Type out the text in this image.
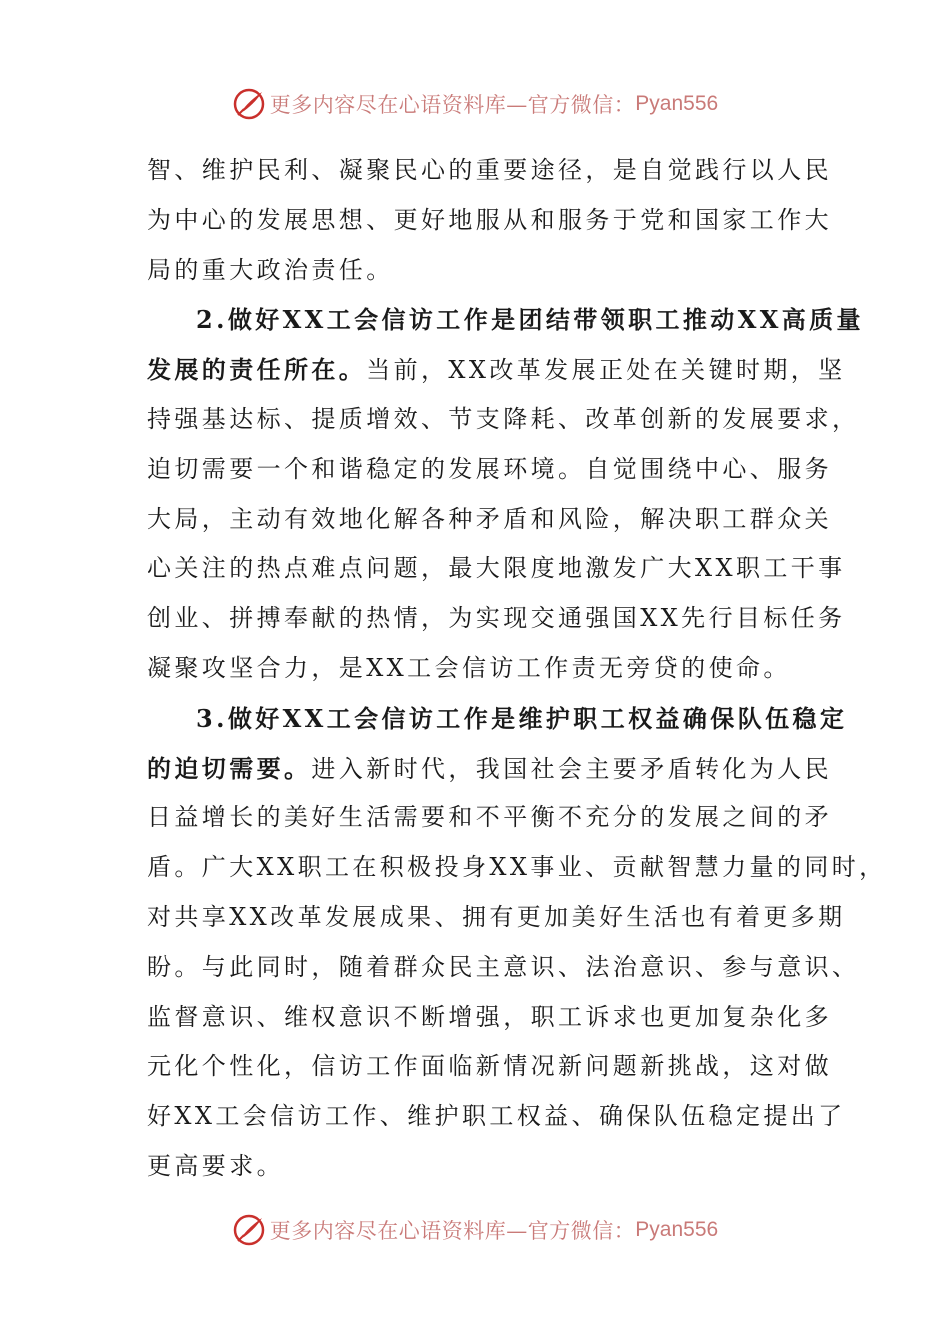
更多内容尽在心语资料库—官方微信： Pyan556
智、维护民利、凝聚民心的重要途径，是自觉践行以人民
为中心的发展思想、更好地服从和服务于党和国家工作大
局的重大政治责任。
2.做好XX工会信访工作是团结带领职工推动XX高质量
发展的责任所在。当前，XX改革发展正处在关键时期，坚
持强基达标、提质增效、节支降耗、改革创新的发展要求，
迫切需要一个和谐稳定的发展环境。自觉围绕中心、服务
大局，主动有效地化解各种矛盾和风险，解决职工群众关
心关注的热点难点问题，最大限度地激发广大XX职工干事
创业、拼搏奉献的热情，为实现交通强国XX先行目标任务
凝聚攻坚合力，是XX工会信访工作责无旁贷的使命。
3.做好XX工会信访工作是维护职工权益确保队伍稳定
的迫切需要。进入新时代，我国社会主要矛盾转化为人民
日益增长的美好生活需要和不平衡不充分的发展之间的矛
盾。广大XX职工在积极投身XX事业、贡献智慧力量的同时，
对共享XX改革发展成果、拥有更加美好生活也有着更多期
盼。与此同时，随着群众民主意识、法治意识、参与意识、
监督意识、维权意识不断增强，职工诉求也更加复杂化多
元化个性化，信访工作面临新情况新问题新挑战，这对做
好XX工会信访工作、维护职工权益、确保队伍稳定提出了
更高要求。
更多内容尽在心语资料库—官方微信： Pyan556
